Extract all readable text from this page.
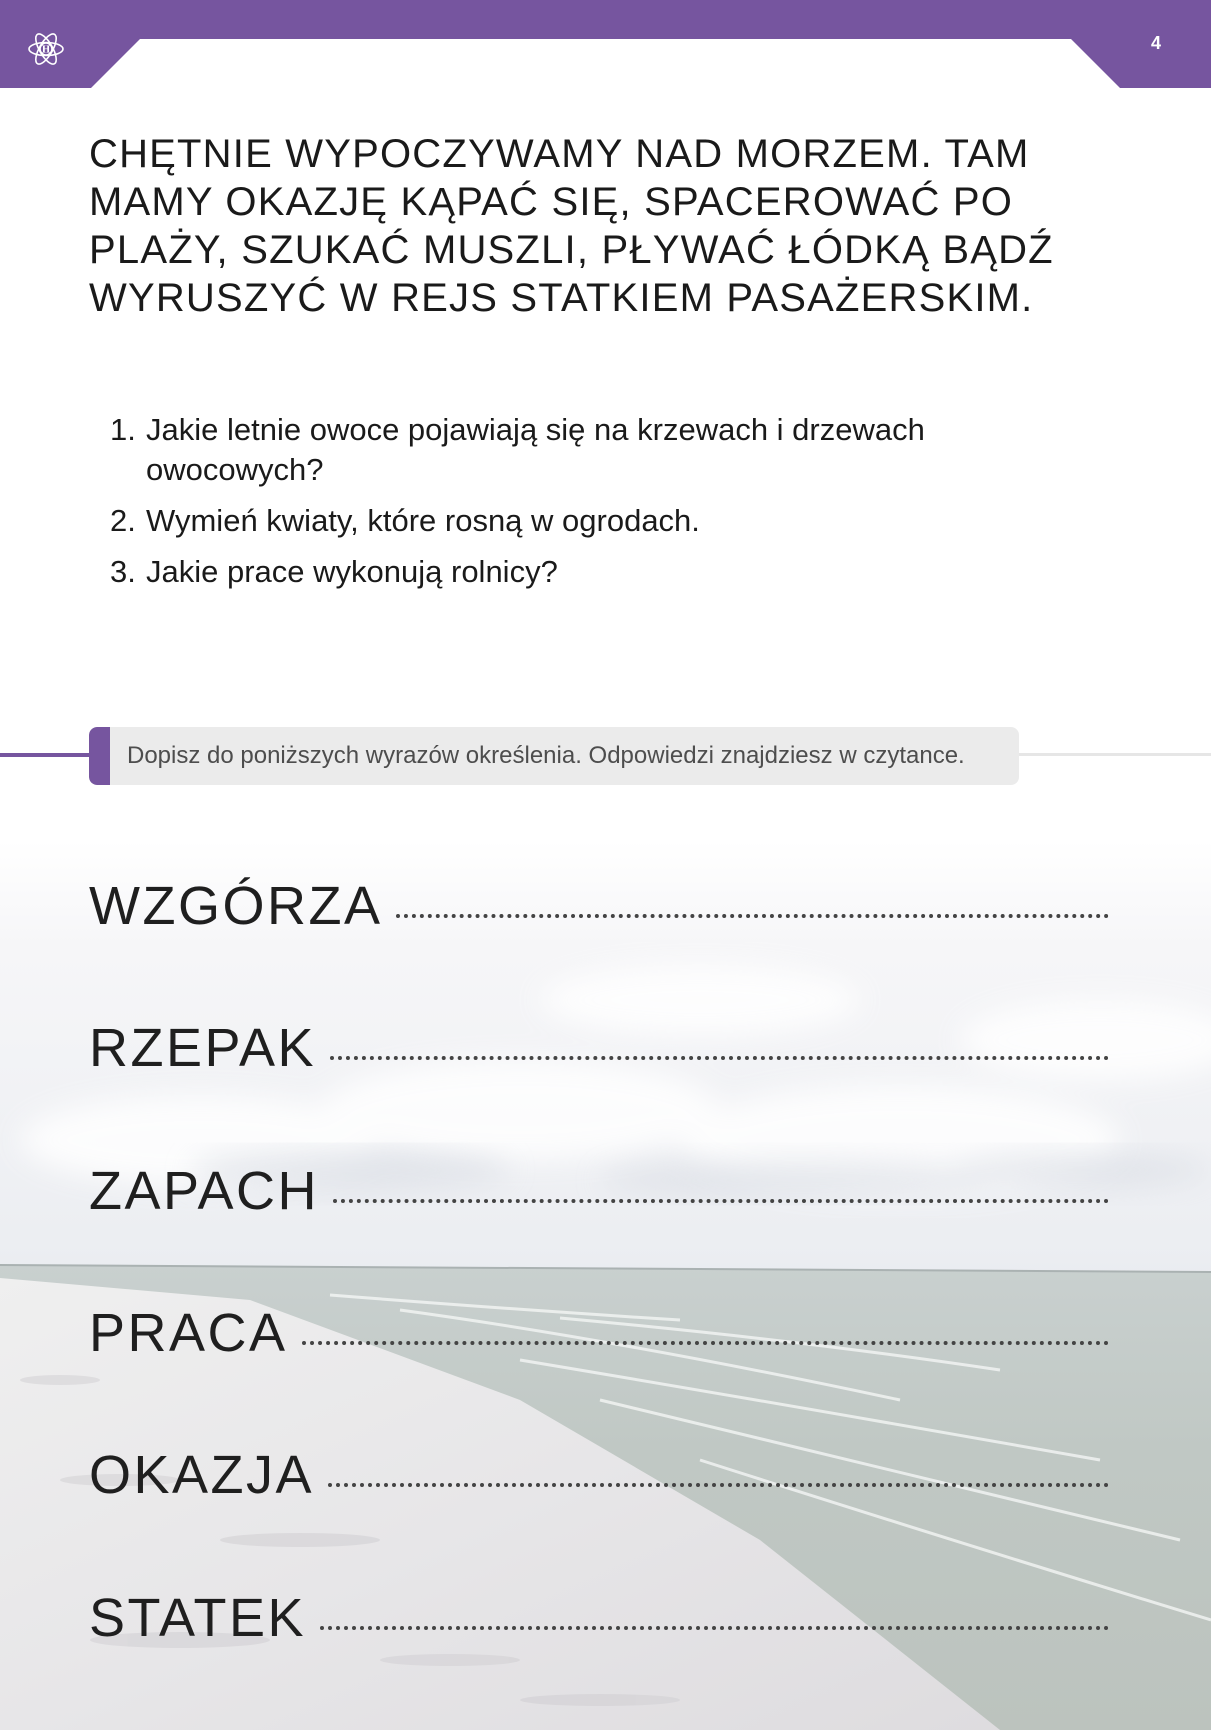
H	4

CHĘTNIE WYPOCZYWAMY NAD MORZEM. TAM MAMY OKAZJĘ KĄPAĆ SIĘ, SPACEROWAĆ PO PLAŻY, SZUKAĆ MUSZLI, PŁYWAĆ ŁÓDKĄ BĄDŹ WYRUSZYĆ W REJS STATKIEM PASAŻERSKIM.

1. Jakie letnie owoce pojawiają się na krzewach i drzewach owocowych?
2. Wymień kwiaty, które rosną w ogrodach.
3. Jakie prace wykonują rolnicy?
Dopisz do poniższych wyrazów określenia. Odpowiedzi znajdziesz w czytance.
WZGÓRZA
RZEPAK
ZAPACH
PRACA
OKAZJA
STATEK
